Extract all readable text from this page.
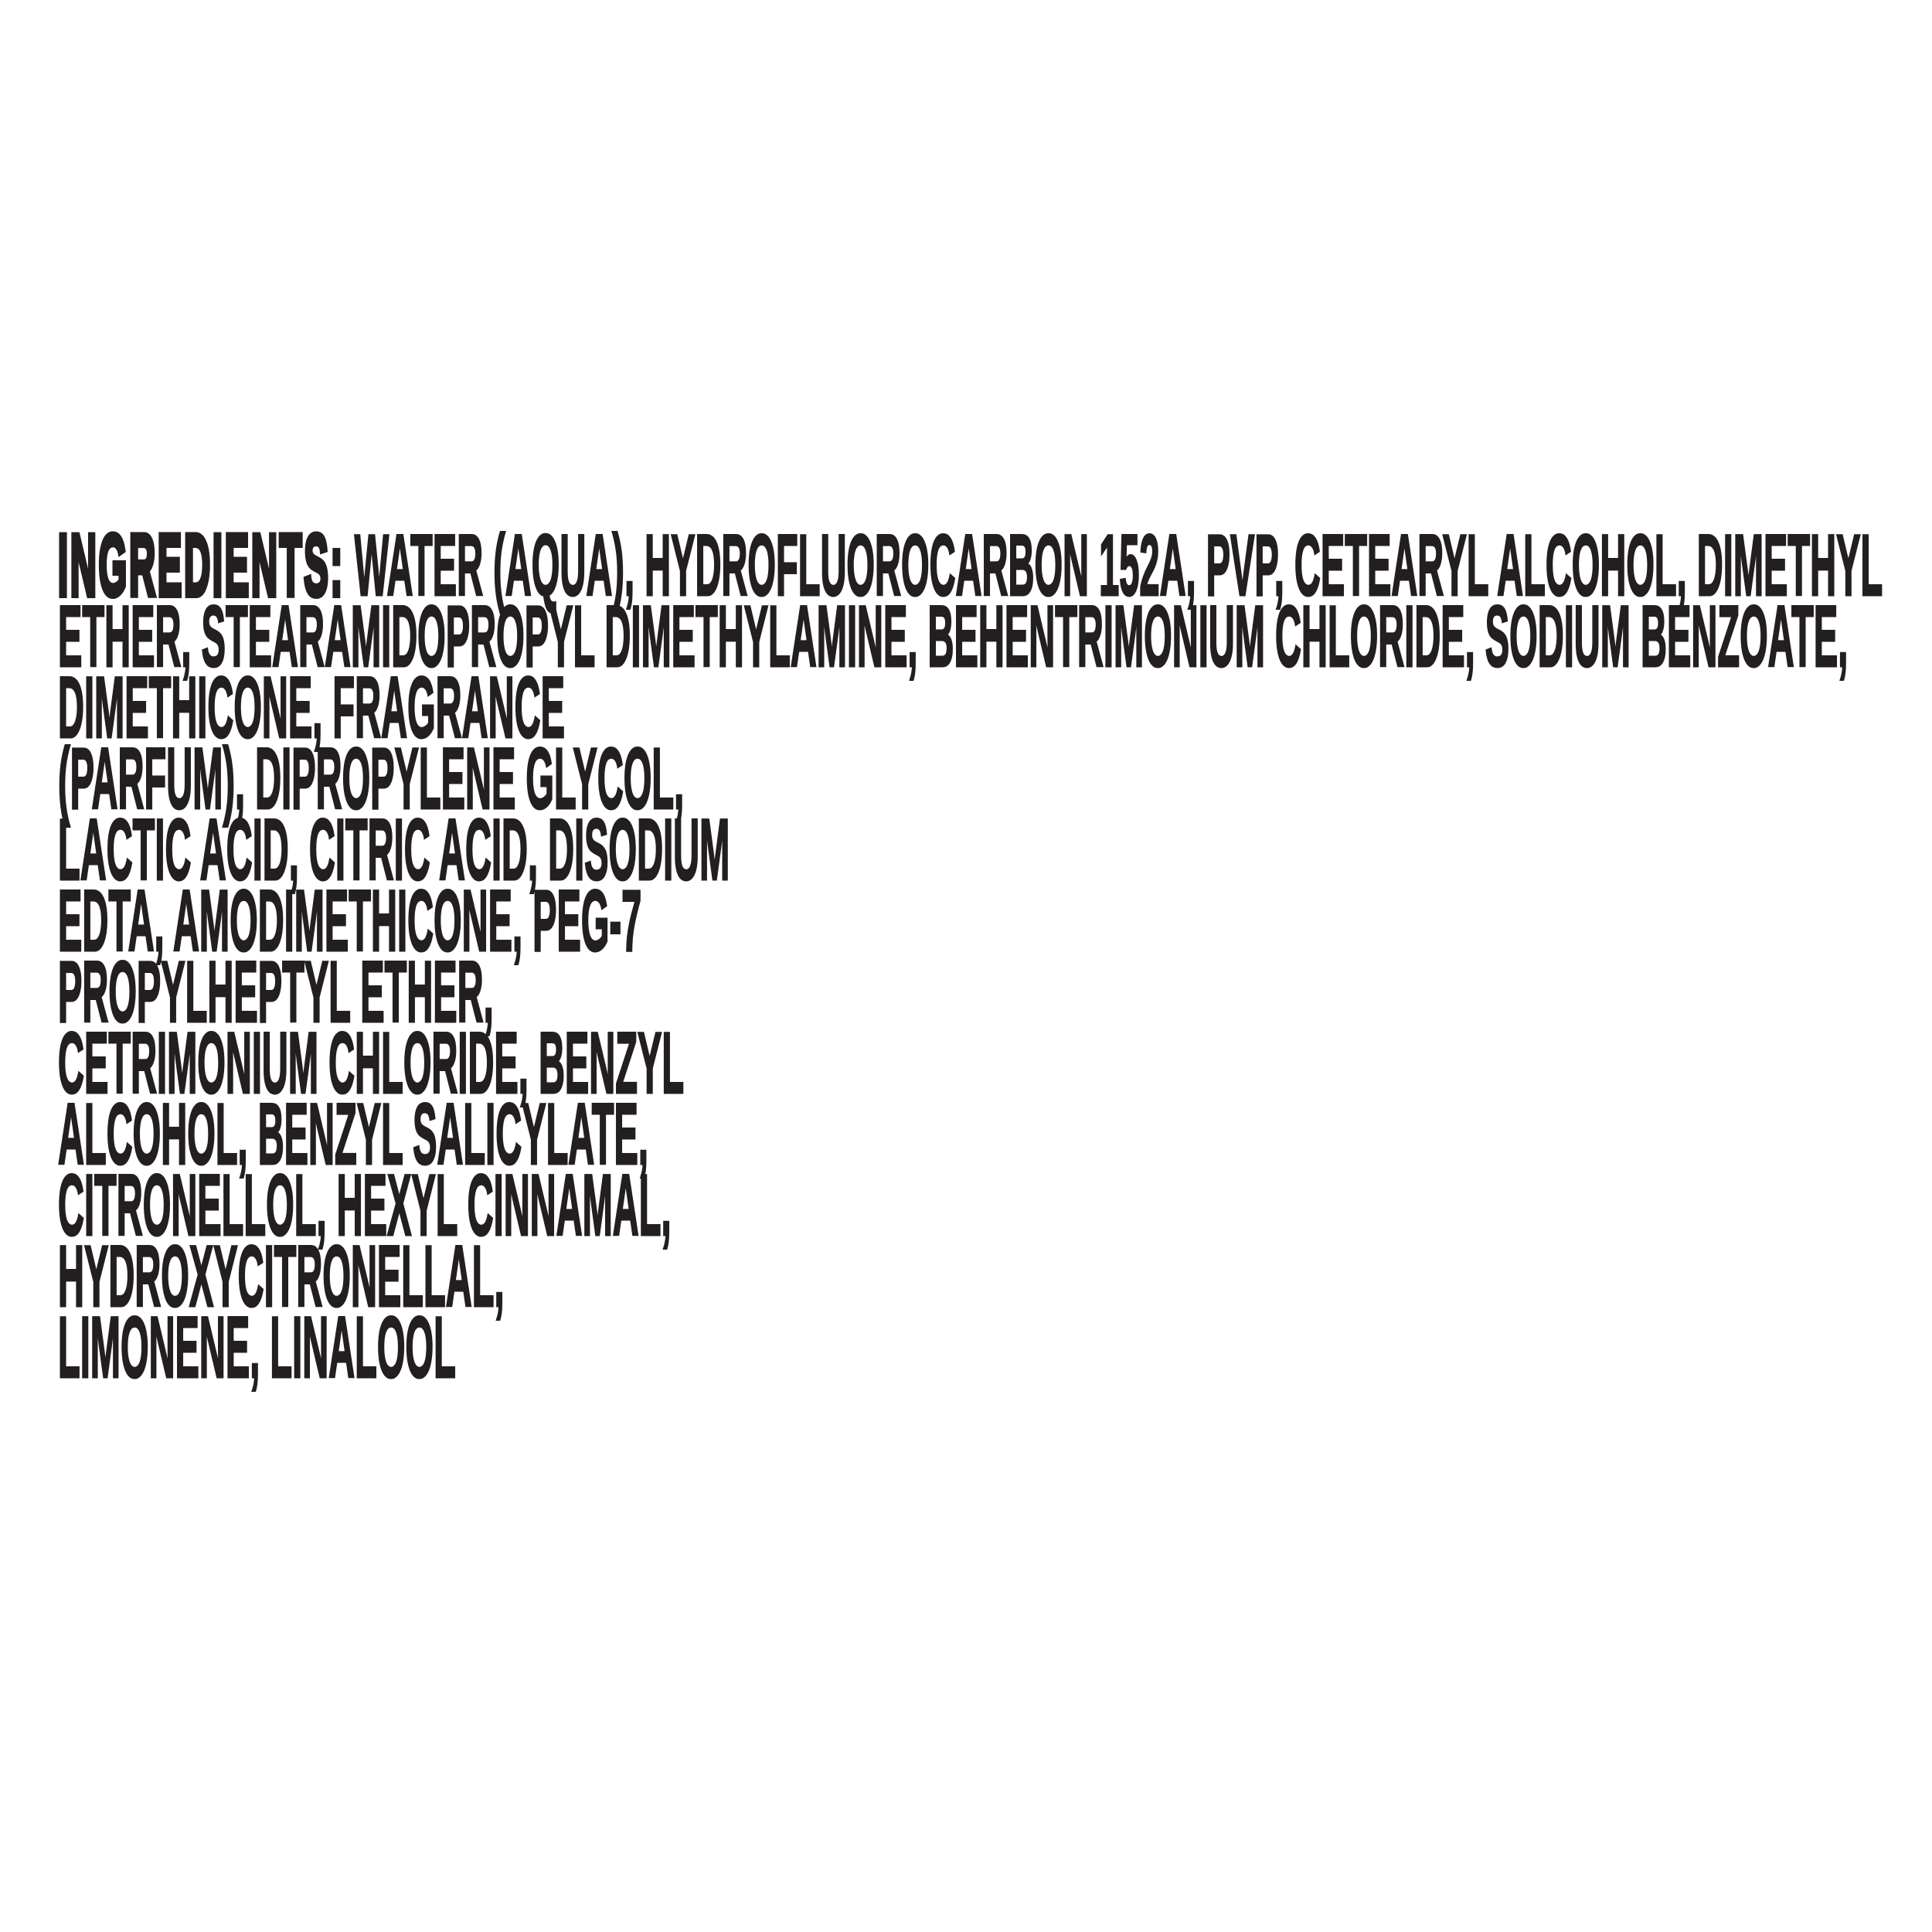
INGREDIENTS: WATER (AQUA), HYDROFLUOROCARBON 152A, PVP, CETEARYL ALCOHOL, DIMETHYL
ETHER, STEARAMIDOPROPYL DIMETHYLAMINE, BEHENTRIMONIUM CHLORIDE, SODIUM BENZOATE,
DIMETHICONE, FRAGRANCE
(PARFUM), DIPROPYLENE GLYCOL,
LACTIC ACID, CITRIC ACID, DISODIUM
EDTA, AMODIMETHICONE, PEG-7
PROPYLHEPTYL ETHER,
CETRIMONIUM CHLORIDE, BENZYL
ALCOHOL, BENZYL SALICYLATE,
CITRONELLOL, HEXYL CINNAMAL,
HYDROXYCITRONELLAL,
LIMONENE, LINALOOL
